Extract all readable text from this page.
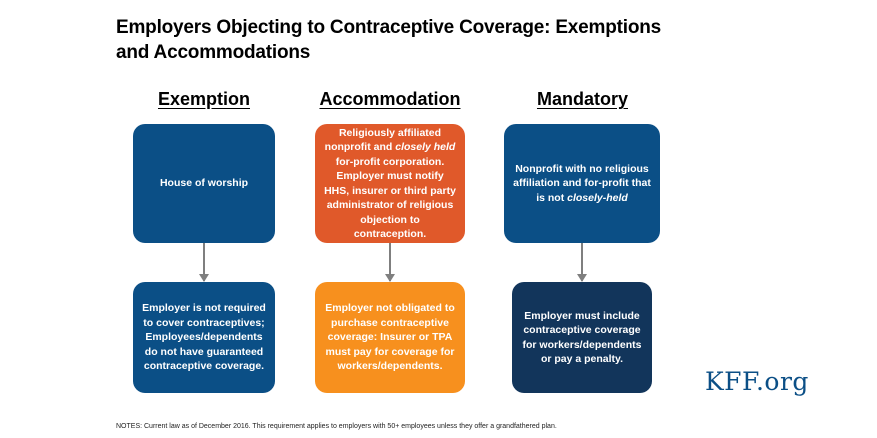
Employers Objecting to Contraceptive Coverage: Exemptions and Accommodations
Exemption	Accommodation	Mandatory
House of worship
Employer is not required to cover contraceptives; Employees/dependents do not have guaranteed contraceptive coverage.
Religiously affiliated nonprofit and closely held for-profit corporation. Employer must notify HHS, insurer or third party administrator of religious objection to contraception.
Employer not obligated to purchase contraceptive coverage: Insurer or TPA must pay for coverage for workers/dependents.
Nonprofit with no religious affiliation and for-profit that is not closely-held
Employer must include contraceptive coverage for workers/dependents or pay a penalty.
KFF.org
NOTES: Current law as of December 2016. This requirement applies to employers with 50+ employees unless they offer a grandfathered plan.
